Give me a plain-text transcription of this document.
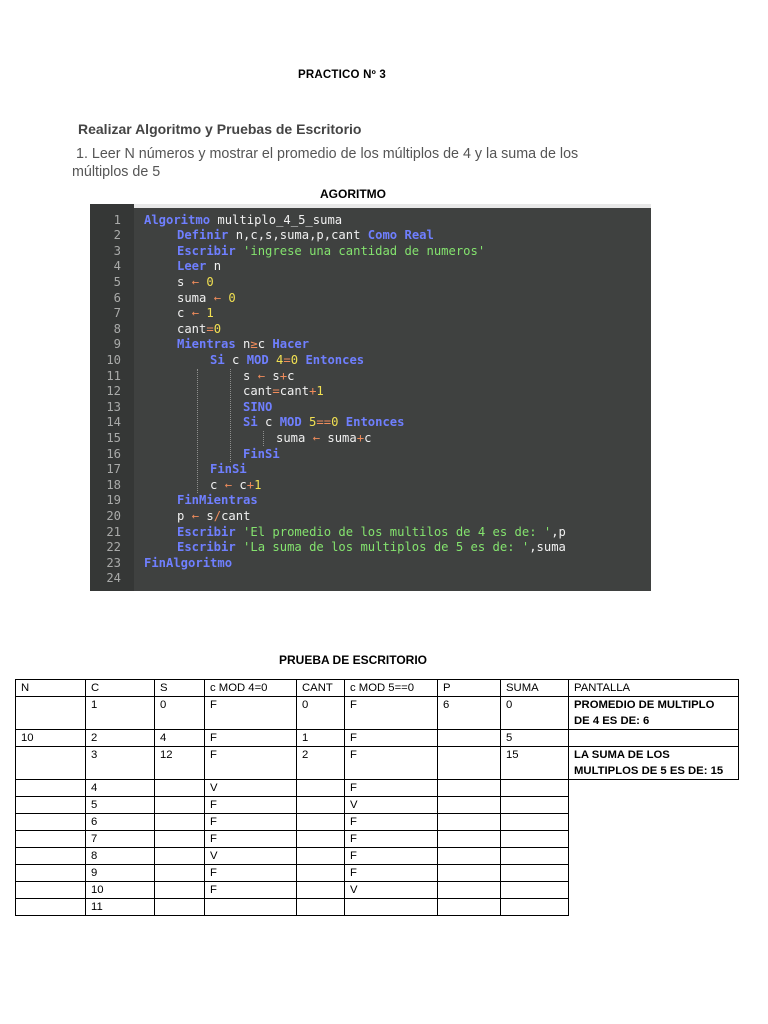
PRACTICO Nº 3
Realizar Algoritmo y Pruebas de Escritorio
1. Leer N números y mostrar el promedio de los múltiplos de 4 y la suma de los
múltiplos de 5
AGORITMO
1 Algoritmo multiplo_4_5_suma
2	Definir n,c,s,suma,p,cant Como Real
3	Escribir 'ingrese una cantidad de numeros'
4	Leer n
5	s ← 0
6	suma ← 0
7	c ← 1
8	cant=0
9	Mientras n≥c Hacer
10	Si c MOD 4=0 Entonces
11	s ← s+c
12	cant=cant+1
13	SINO
14	Si c MOD 5==0 Entonces
15	suma ← suma+c
16	FinSi
17	FinSi
18	c ← c+1
19	FinMientras
20	p ← s/cant
21	Escribir 'El promedio de los multilos de 4 es de: ',p
22	Escribir 'La suma de los multiplos de 5 es de: ',suma
23 FinAlgoritmo
24
PRUEBA DE ESCRITORIO
N	C	S	c MOD 4=0	CANT	c MOD 5==0	P	SUMA	PANTALLA
	1	0	F	0	F	6	0	PROMEDIO DE MULTIPLO DE 4 ES DE: 6
10	2	4	F	1	F		5	
	3	12	F	2	F		15	LA SUMA DE LOS MULTIPLOS DE 5 ES DE: 15
	4		V		F			
	5		F		V			
	6		F		F			
	7		F		F			
	8		V		F			
	9		F		F			
	10		F		V			
	11							
